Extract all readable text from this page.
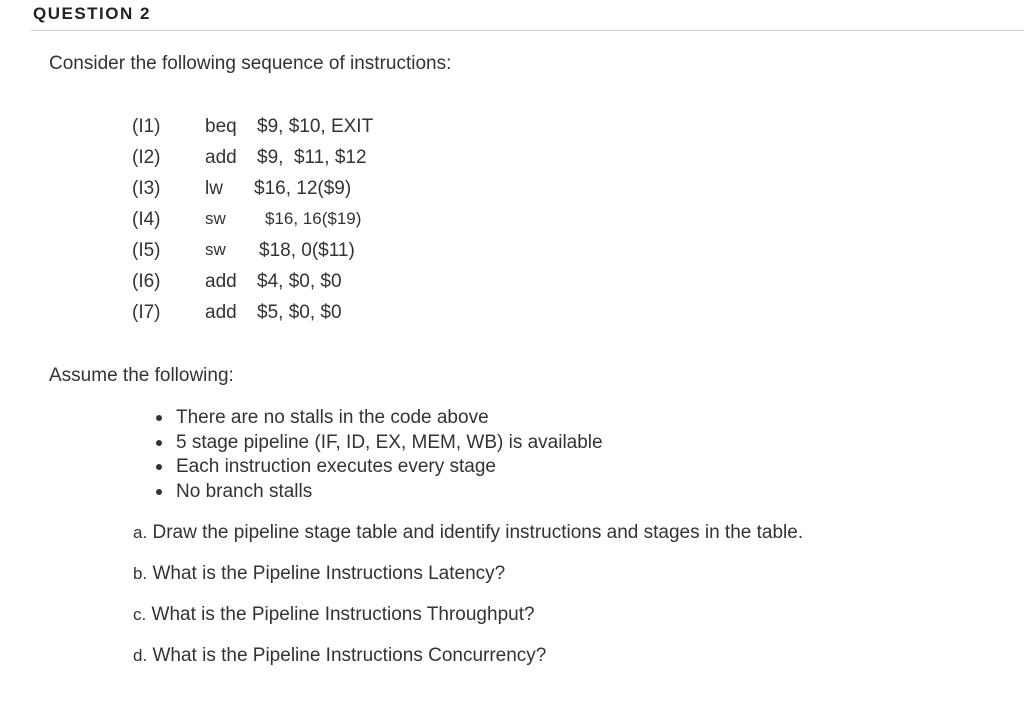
QUESTION 2
Consider the following sequence of instructions:

(I1)

beq

$9, $10, EXIT

(I2)

add

$9,  $11, $12

(I3)

lw

$16, 12($9)

(I4)

	sw

$16, 16($19)

(I5)

	sw

$18, 0($11)

(I6)

add

$4, $0, $0

(I7)

add

$5, $0, $0

Assume the following:
There are no stalls in the code above
5 stage pipeline (IF, ID, EX, MEM, WB) is available
Each instruction executes every stage
No branch stalls
a. Draw the pipeline stage table and identify instructions and stages in the table.
b. What is the Pipeline Instructions Latency?
c. What is the Pipeline Instructions Throughput?
d. What is the Pipeline Instructions Concurrency?
